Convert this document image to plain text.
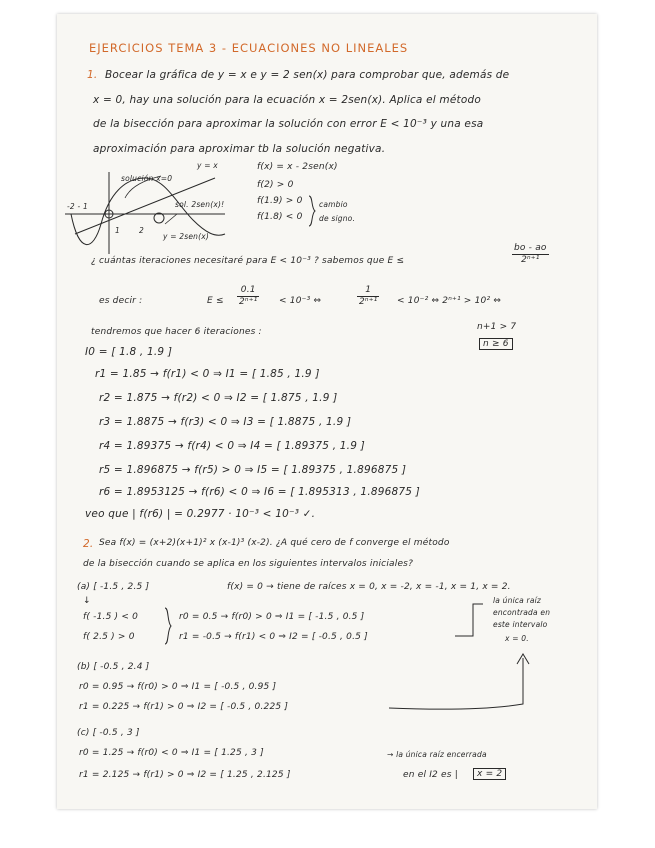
EJERCICIOS TEMA 3 - ECUACIONES NO LINEALES
1. Bocear la gráfica de y = x e y = 2 sen(x) para comprobar que, además de
x = 0, hay una solución para la ecuación x = 2sen(x). Aplica el método
de la bisección para aproximar la solución con error E < 10⁻³ y una esa
aproximación para aproximar tb la solución negativa.
solución x=0
y = x
sol. 2sen(x)!
-2 - 1
1	2
y = 2sen(x)
f(x) = x - 2sen(x)
f(2) > 0
f(1.9) > 0
f(1.8) < 0
cambio
de signo.
¿ cuántas iteraciones necesitaré para E < 10⁻³ ? sabemos que E ≤	$\frac{bo - ao}{\text{2ⁿ⁺¹}}$
es decir :	$E \le \frac{0.1}{\text{2ⁿ⁺¹}} < 10^{-3}$ ⇔	$\frac{1}{\text{2ⁿ⁺¹}} < 10^{-2}$ ⇔ 2ⁿ⁺¹ > 10² ⇔
n+1 > 7
n ≥ 6
tendremos que hacer 6 iteraciones :
I0 = [ 1.8 , 1.9 ]
r1 = 1.85 → f(r1) < 0 ⇒ I1 = [ 1.85 , 1.9 ]
r2 = 1.875 → f(r2) < 0 ⇒ I2 = [ 1.875 , 1.9 ]
r3 = 1.8875 → f(r3) < 0 ⇒ I3 = [ 1.8875 , 1.9 ]
r4 = 1.89375 → f(r4) < 0 ⇒ I4 = [ 1.89375 , 1.9 ]
r5 = 1.896875 → f(r5) > 0 ⇒ I5 = [ 1.89375 , 1.896875 ]
r6 = 1.8953125 → f(r6) < 0 ⇒ I6 = [ 1.895313 , 1.896875 ]
veo que | f(r6) | = 0.2977 · 10⁻³ < 10⁻³ ✓.
2. Sea f(x) = (x+2)(x+1)² x (x-1)³ (x-2). ¿A qué cero de f converge el método
de la bisección cuando se aplica en los siguientes intervalos iniciales?
(a) [ -1.5 , 2.5 ]	f(x) = 0 → tiene de raíces x = 0, x = -2, x = -1, x = 1, x = 2.
↓
f( -1.5 ) < 0
f( 2.5 ) > 0
r0 = 0.5 → f(r0) > 0 ⇒ I1 = [ -1.5 , 0.5 ]
r1 = -0.5 → f(r1) < 0 ⇒ I2 = [ -0.5 , 0.5 ]
la única raíz
encontrada en
este intervalo
x = 0.
(b) [ -0.5 , 2.4 ]
r0 = 0.95 → f(r0) > 0 ⇒ I1 = [ -0.5 , 0.95 ]
r1 = 0.225 → f(r1) > 0 ⇒ I2 = [ -0.5 , 0.225 ]
(c) [ -0.5 , 3 ]
r0 = 1.25 → f(r0) < 0 ⇒ I1 = [ 1.25 , 3 ]	→ la única raíz encerrada
r1 = 2.125 → f(r1) > 0 ⇒ I2 = [ 1.25 , 2.125 ]	en el I2 es |	x = 2
